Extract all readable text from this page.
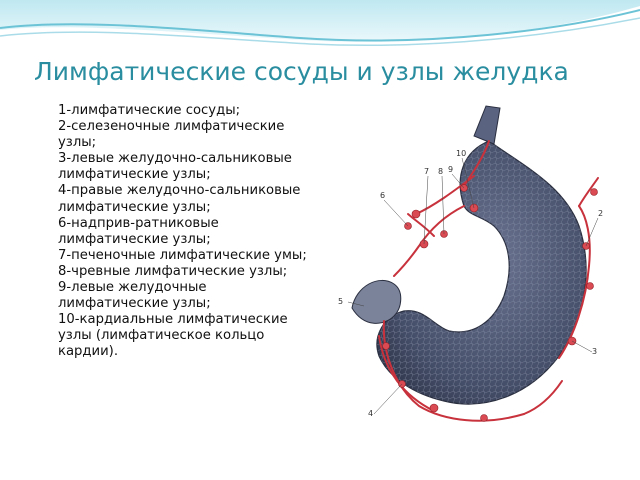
Лимфатические сосуды и узлы желудка
1-лимфатические сосуды;
2-селезеночные лимфатические узлы;
3-левые желудочно-сальниковые лимфатические узлы;
4-правые желудочно-сальниковые лимфатические узлы;
6-надприв-ратниковые лимфатические узлы;
7-печеночные лимфатические умы;
8-чревные лимфатические узлы;
9-левые желудочные лимфатические узлы;
10-кардиальные лимфатические узлы (лимфатическое кольцо кардии).
10
7 8 9
6
2
5
3
4
